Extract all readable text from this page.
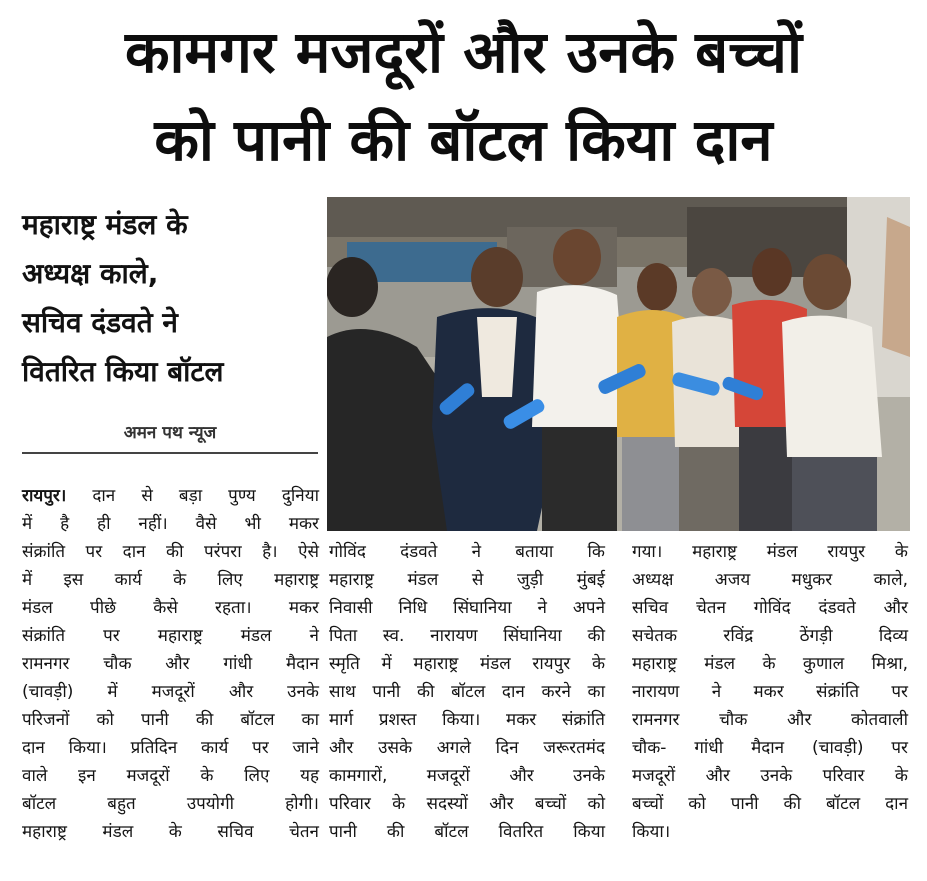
कामगर मजदूरों और उनके बच्चों
को पानी की बॉटल किया दान
महाराष्ट्र मंडल के
अध्यक्ष काले,
सचिव दंडवते ने
वितरित किया बॉटल
अमन पथ न्यूज
रायपुर। दान से बड़ा पुण्य दुनिया
में है ही नहीं। वैसे भी मकर
संक्रांति पर दान की परंपरा है। ऐसे
में इस कार्य के लिए महाराष्ट्र
मंडल पीछे कैसे रहता। मकर
संक्रांति पर महाराष्ट्र मंडल ने
रामनगर चौक और गांधी मैदान
(चावड़ी) में मजदूरों और उनके
परिजनों को पानी की बॉटल का
दान किया। प्रतिदिन कार्य पर जाने
वाले इन मजदूरों के लिए यह
बॉटल बहुत उपयोगी होगी।
महाराष्ट्र मंडल के सचिव चेतन
गोविंद दंडवते ने बताया कि
महाराष्ट्र मंडल से जुड़ी मुंबई
निवासी निधि सिंघानिया ने अपने
पिता स्व. नारायण सिंघानिया की
स्मृति में महाराष्ट्र मंडल रायपुर के
साथ पानी की बॉटल दान करने का
मार्ग प्रशस्त किया। मकर संक्रांति
और उसके अगले दिन जरूरतमंद
कामगारों, मजदूरों और उनके
परिवार के सदस्यों और बच्चों को
पानी की बॉटल वितरित किया
गया। महाराष्ट्र मंडल रायपुर के
अध्यक्ष अजय मधुकर काले,
सचिव चेतन गोविंद दंडवते और
सचेतक रविंद्र ठेंगड़ी दिव्य
महाराष्ट्र मंडल के कुणाल मिश्रा,
नारायण ने मकर संक्रांति पर
रामनगर चौक और कोतवाली
चौक- गांधी मैदान (चावड़ी) पर
मजदूरों और उनके परिवार के
बच्चों को पानी की बॉटल दान
किया।
